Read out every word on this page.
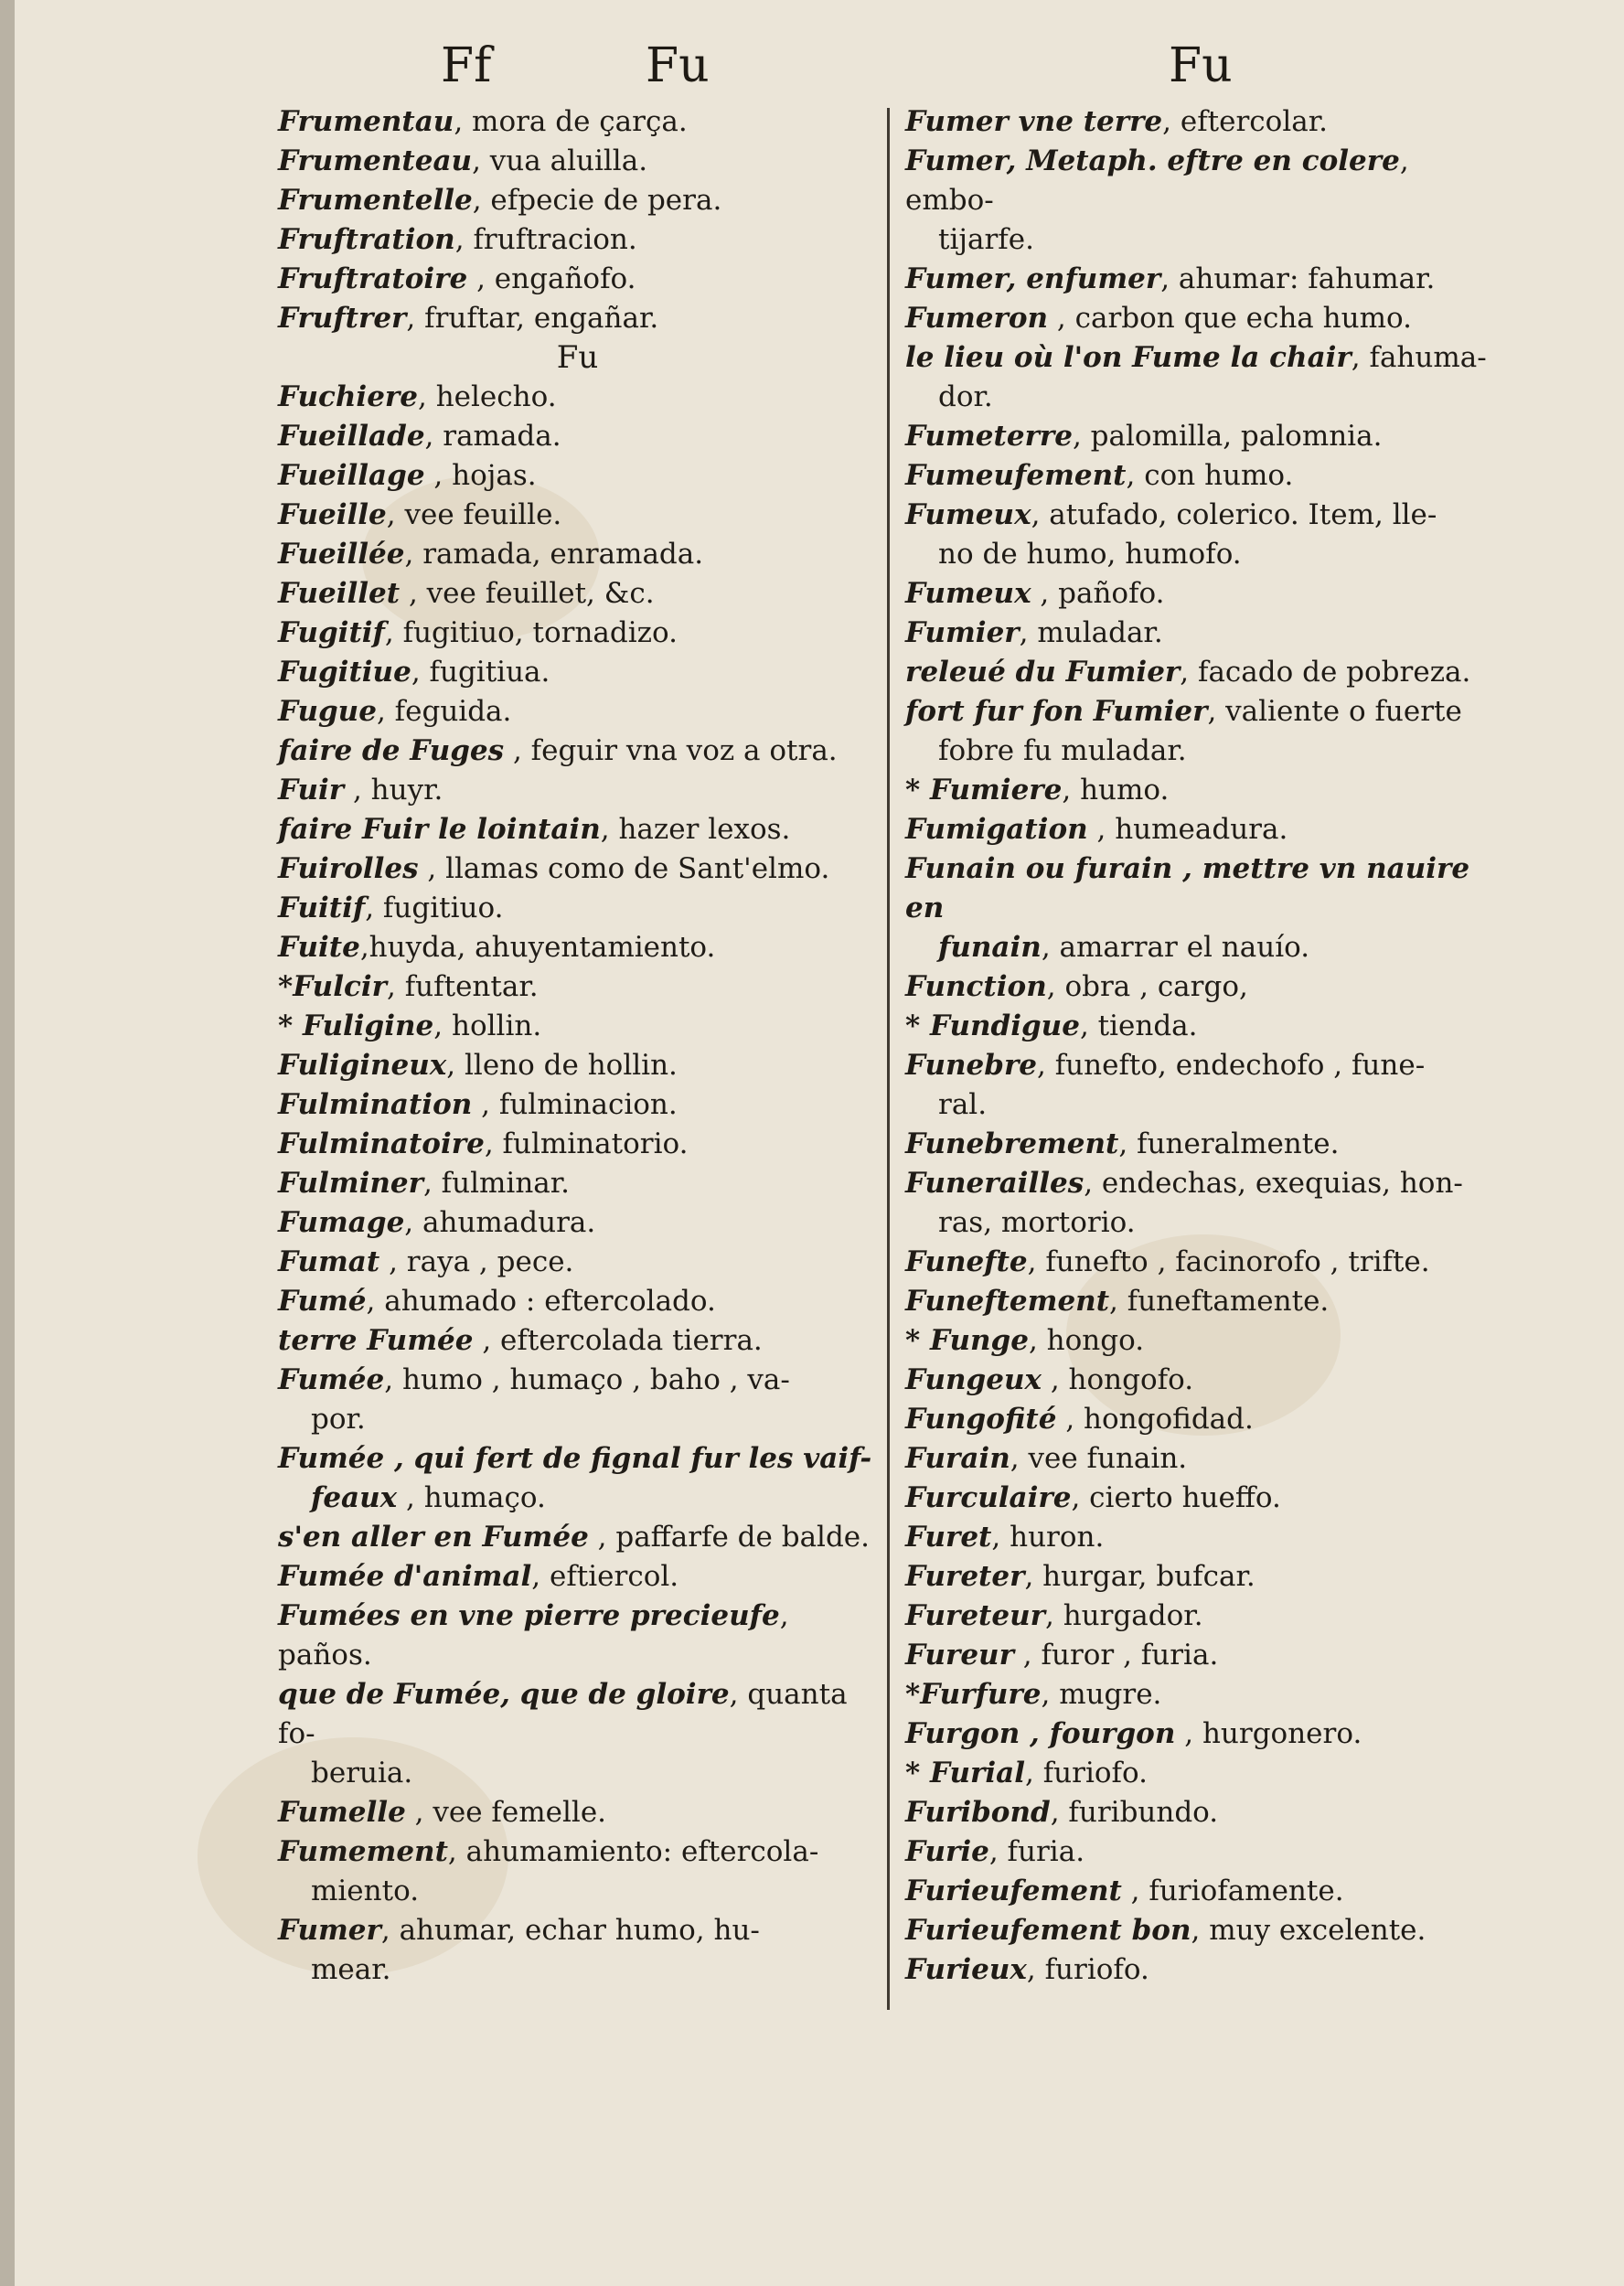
Ff	Fu	Fu
Frumentau, mora de çarça.
Frumenteau, vua aluilla.
Frumentelle, efpecie de pera.
Fruftration, fruftracion.
Fruftratoire , engañofo.
Fruftrer, fruftar, engañar.
Fu
Fuchiere, helecho.
Fueillade, ramada.
Fueillage , hojas.
Fueille, vee feuille.
Fueillée, ramada, enramada.
Fueillet , vee feuillet, &c.
Fugitif, fugitiuo, tornadizo.
Fugitiue, fugitiua.
Fugue, feguida.
faire de Fuges , feguir vna voz a otra.
Fuir , huyr.
faire Fuir le lointain, hazer lexos.
Fuirolles , llamas como de Sant'elmo.
Fuitif, fugitiuo.
Fuite,huyda, ahuyentamiento.
*Fulcir, fuftentar.
* Fuligine, hollin.
Fuligineux, lleno de hollin.
Fulmination , fulminacion.
Fulminatoire, fulminatorio.
Fulminer, fulminar.
Fumage, ahumadura.
Fumat , raya , pece.
Fumé, ahumado : eftercolado.
terre Fumée , eftercolada tierra.
Fumée, humo , humaço , baho , va-
por.
Fumée , qui fert de fignal fur les vaif-
feaux , humaço.
s'en aller en Fumée , paffarfe de balde.
Fumée d'animal, eftiercol.
Fumées en vne pierre precieufe, paños.
que de Fumée, que de gloire, quanta fo-
beruia.
Fumelle , vee femelle.
Fumement, ahumamiento: eftercola-
miento.
Fumer, ahumar, echar humo, hu-
mear.
Fumer vne terre, eftercolar.
Fumer, Metaph. eftre en colere, embo-
tijarfe.
Fumer, enfumer, ahumar: fahumar.
Fumeron , carbon que echa humo.
le lieu où l'on Fume la chair, fahuma-
dor.
Fumeterre, palomilla, palomnia.
Fumeufement, con humo.
Fumeux, atufado, colerico. Item, lle-
no de humo, humofo.
Fumeux , pañofo.
Fumier, muladar.
releué du Fumier, facado de pobreza.
fort fur fon Fumier, valiente o fuerte
fobre fu muladar.
* Fumiere, humo.
Fumigation , humeadura.
Funain ou furain , mettre vn nauire en
funain, amarrar el nauío.
Function, obra , cargo,
* Fundigue, tienda.
Funebre, funefto, endechofo , fune-
ral.
Funebrement, funeralmente.
Funerailles, endechas, exequias, hon-
ras, mortorio.
Funefte, funefto , facinorofo , trifte.
Funeftement, funeftamente.
* Funge, hongo.
Fungeux , hongofo.
Fungofité , hongofidad.
Furain, vee funain.
Furculaire, cierto hueffo.
Furet, huron.
Fureter, hurgar, bufcar.
Fureteur, hurgador.
Fureur , furor , furia.
*Furfure, mugre.
Furgon , fourgon , hurgonero.
* Furial, furiofo.
Furibond, furibundo.
Furie, furia.
Furieufement , furiofamente.
Furieufement bon, muy excelente.
Furieux, furiofo.
